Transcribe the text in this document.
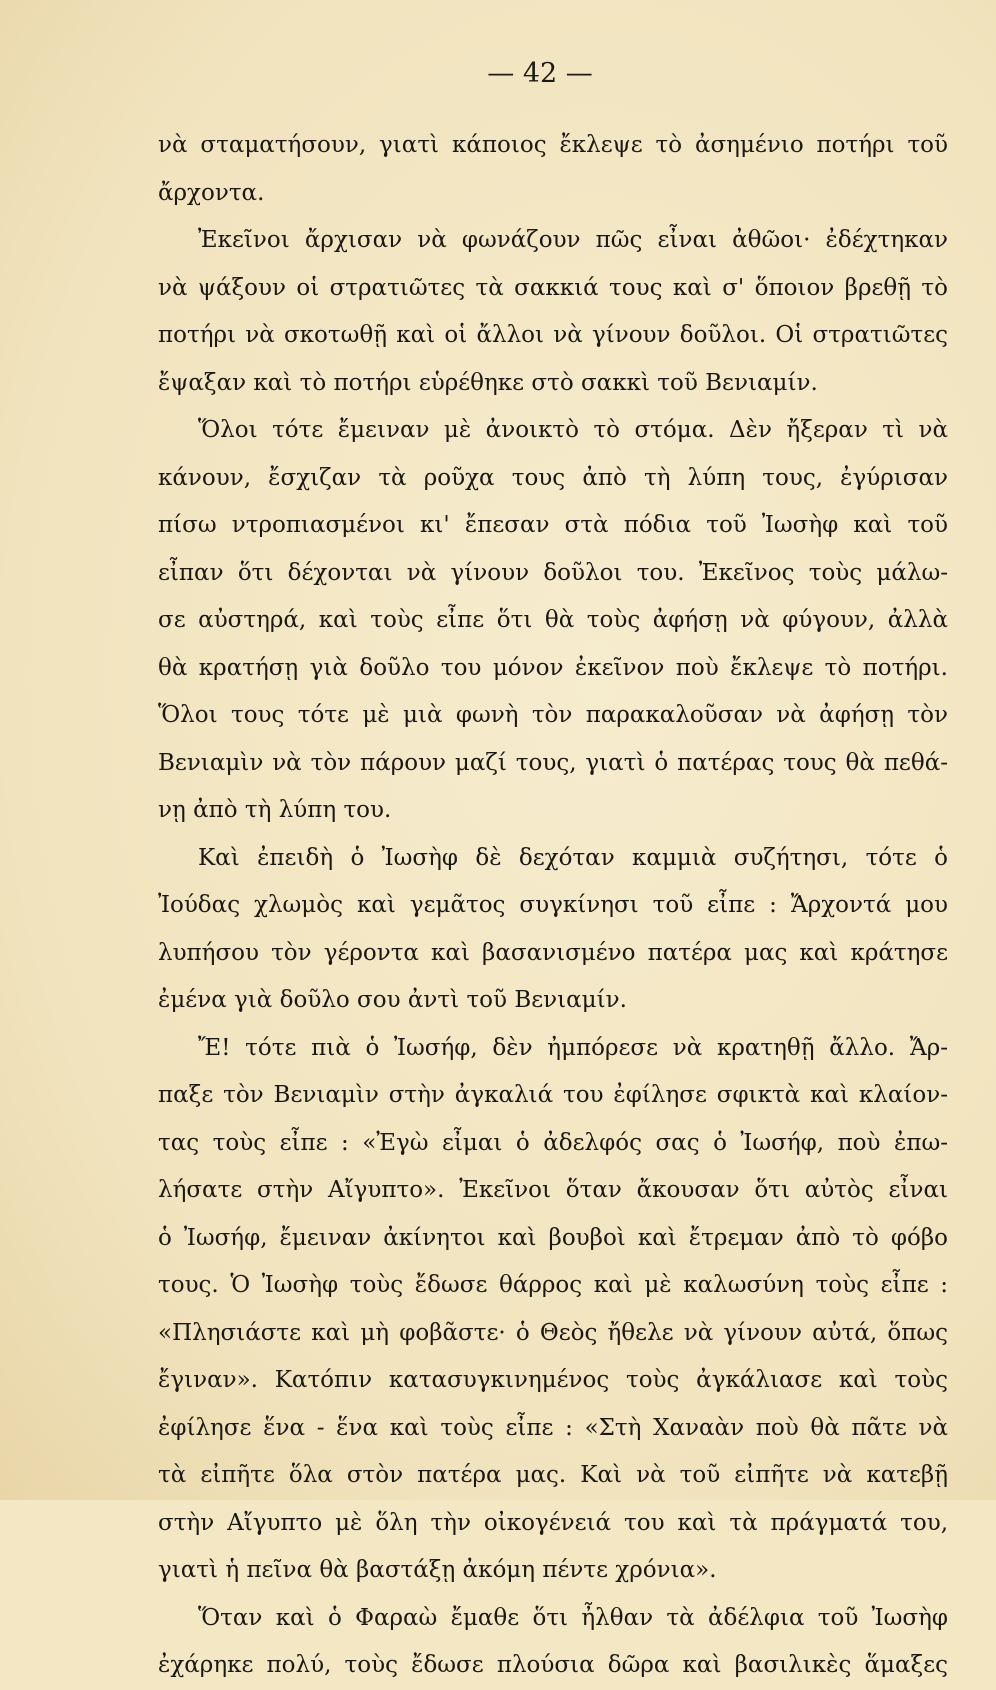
— 42 —
νὰ σταματήσουν, γιατὶ κάποιος ἔκλεψε τὸ ἀσημένιο ποτήρι τοῦ
ἄρχοντα.
Ἐκεῖνοι ἄρχισαν νὰ φωνάζουν πῶς εἶναι ἀθῶοι· ἐδέχτηκαν
νὰ ψάξουν οἱ στρατιῶτες τὰ σακκιά τους καὶ σ' ὅποιον βρεθῇ τὸ
ποτήρι νὰ σκοτωθῇ καὶ οἱ ἄλλοι νὰ γίνουν δοῦλοι. Οἱ στρατιῶτες
ἔψαξαν καὶ τὸ ποτήρι εὑρέθηκε στὸ σακκὶ τοῦ Βενιαμίν.
Ὅλοι τότε ἔμειναν μὲ ἀνοικτὸ τὸ στόμα. Δὲν ἤξεραν τὶ νὰ
κάνουν, ἔσχιζαν τὰ ροῦχα τους ἀπὸ τὴ λύπη τους, ἐγύρισαν
πίσω ντροπιασμένοι κι' ἔπεσαν στὰ πόδια τοῦ Ἰωσὴφ καὶ τοῦ
εἶπαν ὅτι δέχονται νὰ γίνουν δοῦλοι του. Ἐκεῖνος τοὺς μάλω-
σε αὐστηρά, καὶ τοὺς εἶπε ὅτι θὰ τοὺς ἀφήσῃ νὰ φύγουν, ἀλλὰ
θὰ κρατήσῃ γιὰ δοῦλο του μόνον ἐκεῖνον ποὺ ἔκλεψε τὸ ποτήρι.
Ὅλοι τους τότε μὲ μιὰ φωνὴ τὸν παρακαλοῦσαν νὰ ἀφήσῃ τὸν
Βενιαμὶν νὰ τὸν πάρουν μαζί τους, γιατὶ ὁ πατέρας τους θὰ πεθά-
νῃ ἀπὸ τὴ λύπη του.
Καὶ ἐπειδὴ ὁ Ἰωσὴφ δὲ δεχόταν καμμιὰ συζήτησι, τότε ὁ
Ἰούδας χλωμὸς καὶ γεμᾶτος συγκίνησι τοῦ εἶπε : Ἄρχοντά μου
λυπήσου τὸν γέροντα καὶ βασανισμένο πατέρα μας καὶ κράτησε
ἐμένα γιὰ δοῦλο σου ἀντὶ τοῦ Βενιαμίν.
Ἔ! τότε πιὰ ὁ Ἰωσήφ, δὲν ἠμπόρεσε νὰ κρατηθῇ ἄλλο. Ἄρ-
παξε τὸν Βενιαμὶν στὴν ἀγκαλιά του ἐφίλησε σφικτὰ καὶ κλαίον-
τας τοὺς εἶπε : «Ἐγὼ εἶμαι ὁ ἀδελφός σας ὁ Ἰωσήφ, ποὺ ἐπω-
λήσατε στὴν Αἴγυπτο». Ἐκεῖνοι ὅταν ἄκουσαν ὅτι αὐτὸς εἶναι
ὁ Ἰωσήφ, ἔμειναν ἀκίνητοι καὶ βουβοὶ καὶ ἔτρεμαν ἀπὸ τὸ φόβο
τους. Ὁ Ἰωσὴφ τοὺς ἔδωσε θάρρος καὶ μὲ καλωσύνη τοὺς εἶπε :
«Πλησιάστε καὶ μὴ φοβᾶστε· ὁ Θεὸς ἤθελε νὰ γίνουν αὐτά, ὅπως
ἔγιναν». Κατόπιν κατασυγκινημένος τοὺς ἀγκάλιασε καὶ τοὺς
ἐφίλησε ἕνα - ἕνα καὶ τοὺς εἶπε : «Στὴ Χαναὰν ποὺ θὰ πᾶτε νὰ
τὰ εἰπῆτε ὅλα στὸν πατέρα μας. Καὶ νὰ τοῦ εἰπῆτε νὰ κατεβῇ
στὴν Αἴγυπτο μὲ ὅλη τὴν οἰκογένειά του καὶ τὰ πράγματά του,
γιατὶ ἡ πεῖνα θὰ βαστάξῃ ἀκόμη πέντε χρόνια».
Ὅταν καὶ ὁ Φαραὼ ἔμαθε ὅτι ἦλθαν τὰ ἀδέλφια τοῦ Ἰωσὴφ
ἐχάρηκε πολύ, τοὺς ἔδωσε πλούσια δῶρα καὶ βασιλικὲς ἅμαξες
